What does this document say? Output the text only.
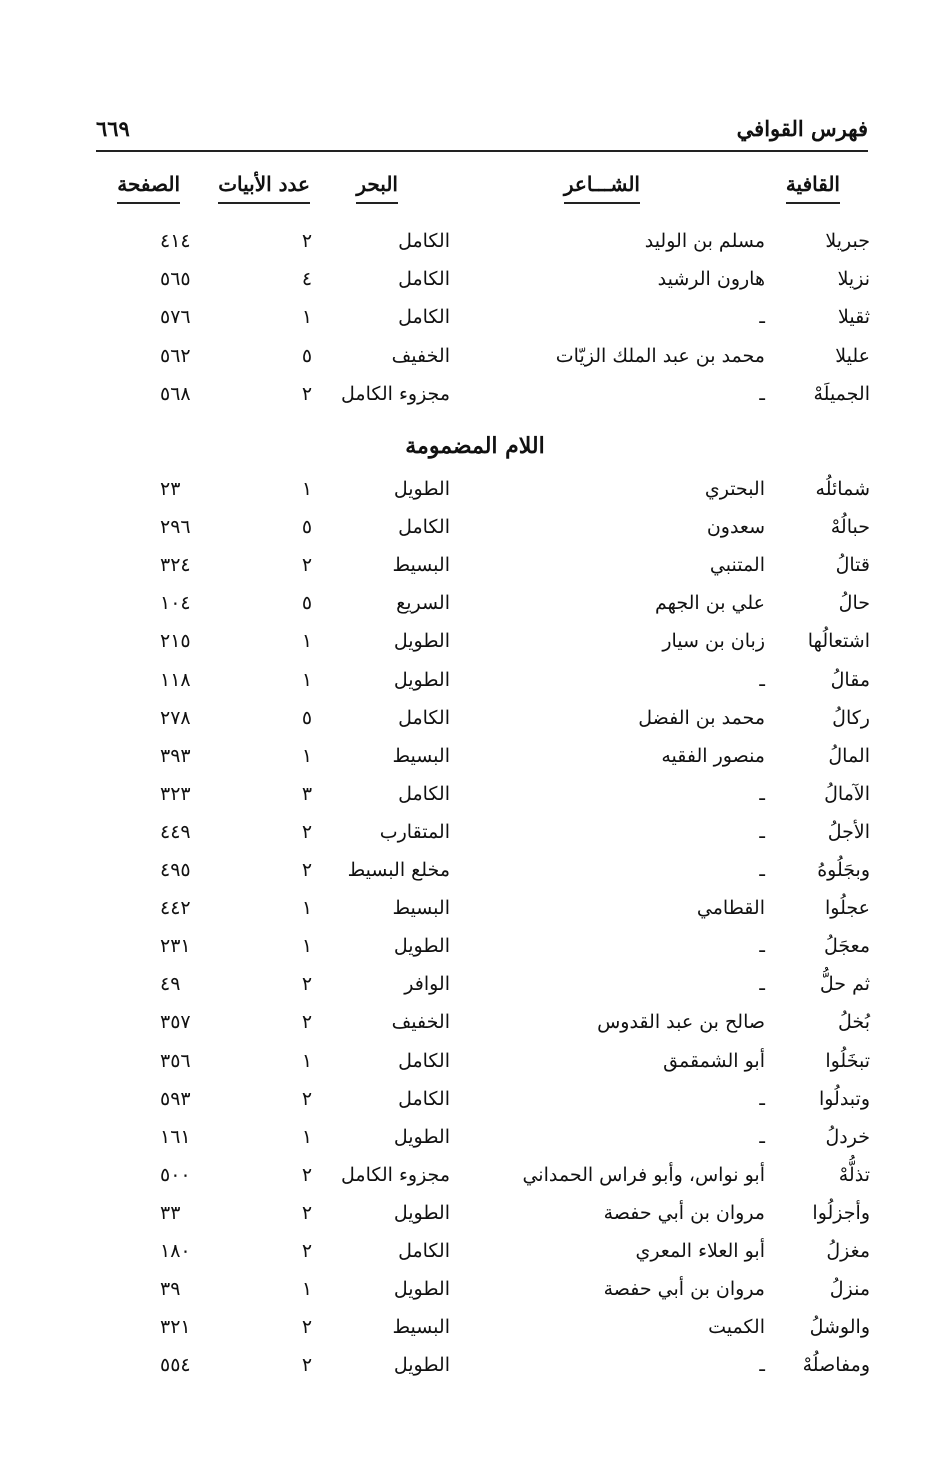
فهرس القوافي
٦٦٩
القافية
الشـــاعر
البحر
عدد الأبيات
الصفحة
اللام المضمومة
جبريلا
مسلم بن الوليد
الكامل
٢
٤١٤
نزيلا
هارون الرشيد
الكامل
٤
٥٦٥
ثقيلا
ـ
الكامل
١
٥٧٦
عليلا
محمد بن عبد الملك الزيّات
الخفيف
٥
٥٦٢
الجميلَهْ
ـ
مجزوء الكامل
٢
٥٦٨
شمائلُه
البحتري
الطويل
١
٢٣
حبالُهْ
سعدون
الكامل
٥
٢٩٦
قتالُ
المتنبي
البسيط
٢
٣٢٤
حالُ
علي بن الجهم
السريع
٥
١٠٤
اشتعالُها
زبان بن سيار
الطويل
١
٢١٥
مقالُ
ـ
الطويل
١
١١٨
ركالُ
محمد بن الفضل
الكامل
٥
٢٧٨
المالُ
منصور الفقيه
البسيط
١
٣٩٣
الآمالُ
ـ
الكامل
٣
٣٢٣
الأجلُ
ـ
المتقارب
٢
٤٤٩
وبجَلُوهُ
ـ
مخلع البسيط
٢
٤٩٥
عجلُوا
القطامي
البسيط
١
٤٤٢
معجَلُ
ـ
الطويل
١
٢٣١
ثم حلُّ
ـ
الوافر
٢
٤٩
بُخلُ
صالح بن عبد القدوس
الخفيف
٢
٣٥٧
تبخَلُوا
أبو الشمقمق
الكامل
١
٣٥٦
وتبدلُوا
ـ
الكامل
٢
٥٩٣
خردلُ
ـ
الطويل
١
١٦١
تذلُّهْ
أبو نواس، وأبو فراس الحمداني
مجزوء الكامل
٢
٥٠٠
وأجزلُوا
مروان بن أبي حفصة
الطويل
٢
٣٣
مغزلُ
أبو العلاء المعري
الكامل
٢
١٨٠
منزلُ
مروان بن أبي حفصة
الطويل
١
٣٩
والوشلُ
الكميت
البسيط
٢
٣٢١
ومفاصلُهْ
ـ
الطويل
٢
٥٥٤
